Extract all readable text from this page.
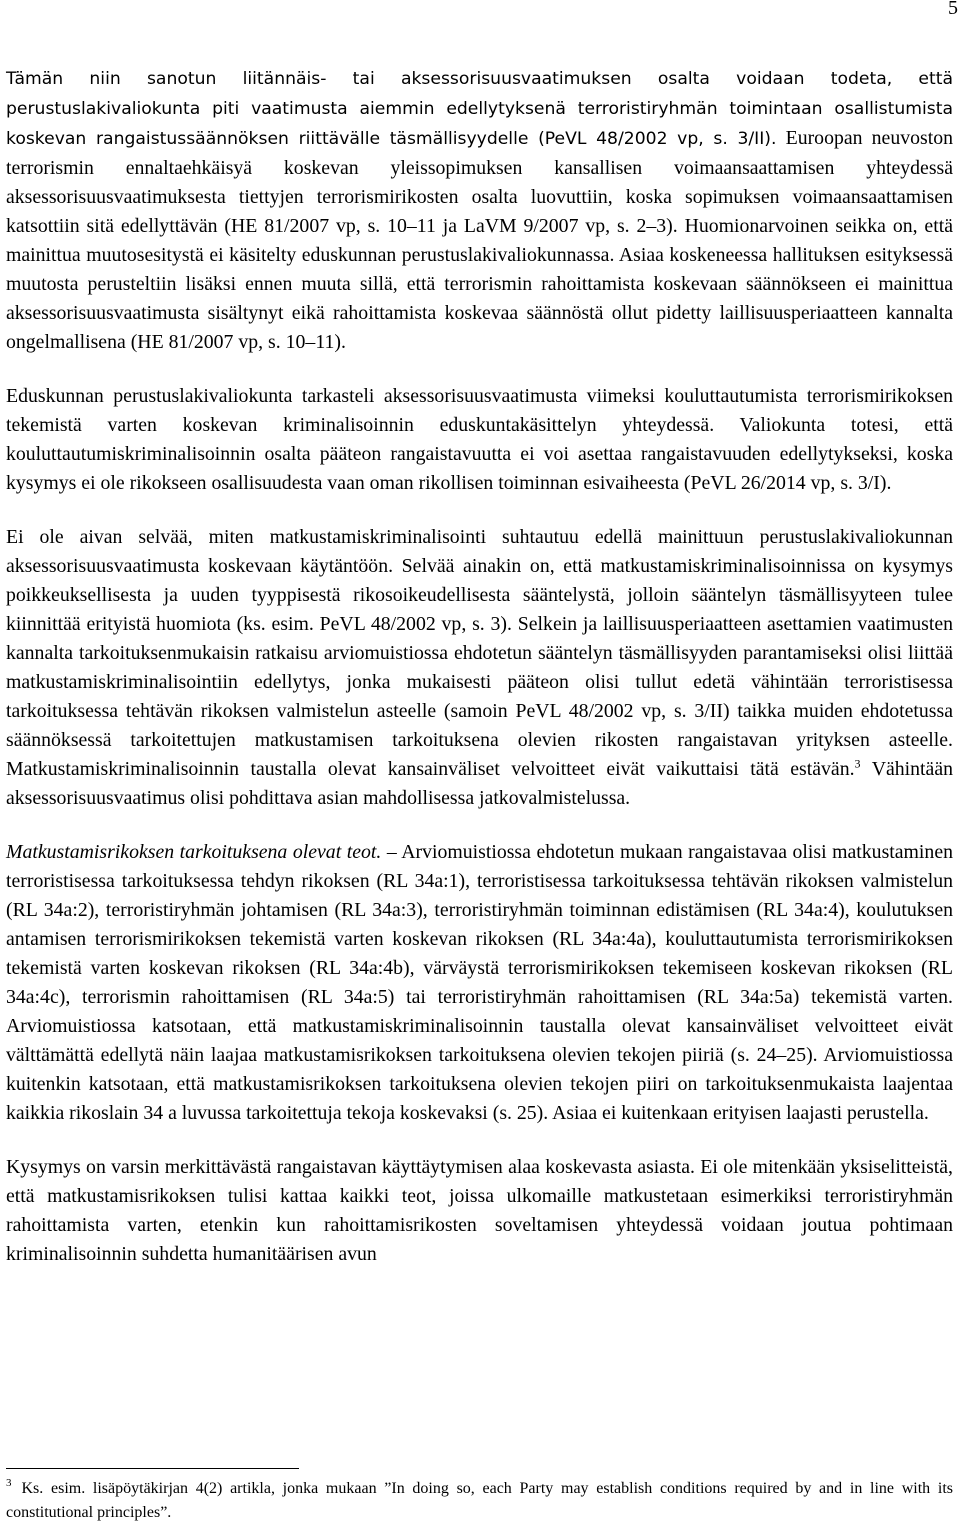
5

Tämän niin sanotun liitännäis- tai aksessorisuusvaatimuksen osalta voidaan todeta, että perustuslakivaliokunta piti vaatimusta aiemmin edellytyksenä terroristiryhmän toimintaan osallistumista koskevan rangaistussäännöksen riittävälle täsmällisyydelle (PeVL 48/2002 vp, s. 3/II). Euroopan neuvoston terrorismin ennaltaehkäisyä koskevan yleissopimuksen kansallisen voimaansaattamisen yhteydessä aksessorisuusvaatimuksesta tiettyjen terrorismirikosten osalta luovuttiin, koska sopimuksen voimaansaattamisen katsottiin sitä edellyttävän (HE 81/2007 vp, s. 10–11 ja LaVM 9/2007 vp, s. 2–3). Huomionarvoinen seikka on, että mainittua muutosesitystä ei käsitelty eduskunnan perustuslakivaliokunnassa. Asiaa koskeneessa hallituksen esityksessä muutosta perusteltiin lisäksi ennen muuta sillä, että terrorismin rahoittamista koskevaan säännökseen ei mainittua aksessorisuusvaatimusta sisältynyt eikä rahoittamista koskevaa säännöstä ollut pidetty laillisuusperiaatteen kannalta ongelmallisena (HE 81/2007 vp, s. 10–11).

Eduskunnan perustuslakivaliokunta tarkasteli aksessorisuusvaatimusta viimeksi kouluttautumista terrorismirikoksen tekemistä varten koskevan kriminalisoinnin eduskuntakäsittelyn yhteydessä. Valiokunta totesi, että kouluttautumiskriminalisoinnin osalta pääteon rangaistavuutta ei voi asettaa rangaistavuuden edellytykseksi, koska kysymys ei ole rikokseen osallisuudesta vaan oman rikollisen toiminnan esivaiheesta (PeVL 26/2014 vp, s. 3/I).

Ei ole aivan selvää, miten matkustamiskriminalisointi suhtautuu edellä mainittuun perustuslakivaliokunnan aksessorisuusvaatimusta koskevaan käytäntöön. Selvää ainakin on, että matkustamiskriminalisoinnissa on kysymys poikkeuksellisesta ja uuden tyyppisestä rikosoikeudellisesta sääntelystä, jolloin sääntelyn täsmällisyyteen tulee kiinnittää erityistä huomiota (ks. esim. PeVL 48/2002 vp, s. 3). Selkein ja laillisuusperiaatteen asettamien vaatimusten kannalta tarkoituksenmukaisin ratkaisu arviomuistiossa ehdotetun sääntelyn täsmällisyyden parantamiseksi olisi liittää matkustamiskriminalisointiin edellytys, jonka mukaisesti pääteon olisi tullut edetä vähintään terroristisessa tarkoituksessa tehtävän rikoksen valmistelun asteelle (samoin PeVL 48/2002 vp, s. 3/II) taikka muiden ehdotetussa säännöksessä tarkoitettujen matkustamisen tarkoituksena olevien rikosten rangaistavan yrityksen asteelle. Matkustamiskriminalisoinnin taustalla olevat kansainväliset velvoitteet eivät vaikuttaisi tätä estävän.$^3$ Vähintään aksessorisuusvaatimus olisi pohdittava asian mahdollisessa jatkovalmistelussa.

Matkustamisrikoksen tarkoituksena olevat teot. – Arviomuistiossa ehdotetun mukaan rangaistavaa olisi matkustaminen terroristisessa tarkoituksessa tehdyn rikoksen (RL 34a:1), terroristisessa tarkoituksessa tehtävän rikoksen valmistelun (RL 34a:2), terroristiryhmän johtamisen (RL 34a:3), terroristiryhmän toiminnan edistämisen (RL 34a:4), koulutuksen antamisen terrorismirikoksen tekemistä varten koskevan rikoksen (RL 34a:4a), kouluttautumista terrorismirikoksen tekemistä varten koskevan rikoksen (RL 34a:4b), värväystä terrorismirikoksen tekemiseen koskevan rikoksen (RL 34a:4c), terrorismin rahoittamisen (RL 34a:5) tai terroristiryhmän rahoittamisen (RL 34a:5a) tekemistä varten. Arviomuistiossa katsotaan, että matkustamiskriminalisoinnin taustalla olevat kansainväliset velvoitteet eivät välttämättä edellytä näin laajaa matkustamisrikoksen tarkoituksena olevien tekojen piiriä (s. 24–25). Arviomuistiossa kuitenkin katsotaan, että matkustamisrikoksen tarkoituksena olevien tekojen piiri on tarkoituksenmukaista laajentaa kaikkia rikoslain 34 a luvussa tarkoitettuja tekoja koskevaksi (s. 25). Asiaa ei kuitenkaan erityisen laajasti perustella.

Kysymys on varsin merkittävästä rangaistavan käyttäytymisen alaa koskevasta asiasta. Ei ole mitenkään yksiselitteistä, että matkustamisrikoksen tulisi kattaa kaikki teot, joissa ulkomaille matkustetaan esimerkiksi terroristiryhmän rahoittamista varten, etenkin kun rahoittamisrikosten soveltamisen yhteydessä voidaan joutua pohtimaan kriminalisoinnin suhdetta humanitäärisen avun

$^3$ Ks. esim. lisäpöytäkirjan 4(2) artikla, jonka mukaan ”In doing so, each Party may establish conditions required by and in line with its constitutional principles”.
